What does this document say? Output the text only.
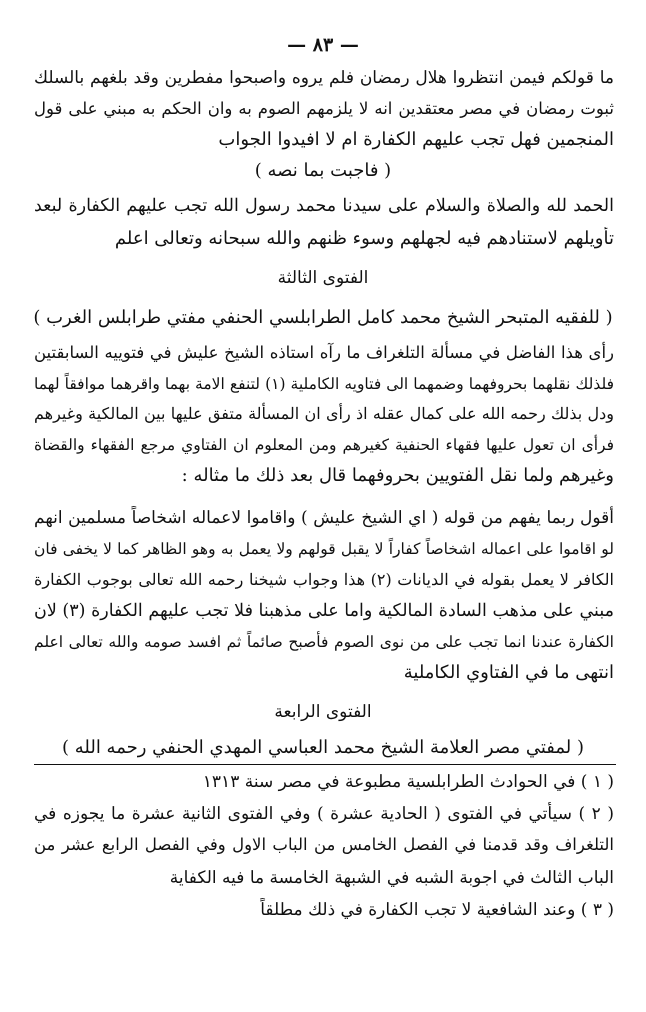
— ٨٣ —
ما قولكم فيمن انتظروا هلال رمضان فلم يروه واصبحوا مفطرين وقد بلغهم بالسلك
ثبوت رمضان في مصر معتقدين انه لا يلزمهم الصوم به وان الحكم به مبني على قول
المنجمين فهل تجب عليهم الكفارة ام لا افيدوا الجواب
( فاجبت بما نصه )
الحمد لله والصلاة والسلام على سيدنا محمد رسول الله تجب عليهم الكفارة لبعد
تأويلهم لاستنادهم فيه لجهلهم وسوء ظنهم والله سبحانه وتعالى اعلم
الفتوى الثالثة
( للفقيه المتبحر الشيخ محمد كامل الطرابلسي الحنفي مفتي طرابلس الغرب )
رأى هذا الفاضل في مسألة التلغراف ما رآه استاذه الشيخ عليش في فتوييه السابقتين
فلذلك نقلهما بحروفهما وضمهما الى فتاويه الكاملية (١) لتنفع الامة بهما واقرهما موافقاً لهما
ودل بذلك رحمه الله على كمال عقله اذ رأى ان المسألة متفق عليها بين المالكية وغيرهم
فرأى ان تعول عليها فقهاء الحنفية كغيرهم ومن المعلوم ان الفتاوي مرجع الفقهاء والقضاة
وغيرهم ولما نقل الفتويين بحروفهما قال بعد ذلك ما مثاله :
أقول ربما يفهم من قوله ( اي الشيخ عليش ) واقاموا لاعماله اشخاصاً مسلمين انهم
لو اقاموا على اعماله اشخاصاً كفاراً لا يقبل قولهم ولا يعمل به وهو الظاهر كما لا يخفى فان
الكافر لا يعمل بقوله في الديانات (٢) هذا وجواب شيخنا رحمه الله تعالى بوجوب الكفارة
مبني على مذهب السادة المالكية واما على مذهبنا فلا تجب عليهم الكفارة (٣) لان
الكفارة عندنا انما تجب على من نوى الصوم فأصبح صائماً ثم افسد صومه والله تعالى اعلم
انتهى ما في الفتاوي الكاملية
الفتوى الرابعة
( لمفتي مصر العلامة الشيخ محمد العباسي المهدي الحنفي رحمه الله )
( ١ ) في الحوادث الطرابلسية مطبوعة في مصر سنة ١٣١٣
( ٢ ) سيأتي في الفتوى ( الحادية عشرة ) وفي الفتوى الثانية عشرة ما يجوزه في
التلغراف وقد قدمنا في الفصل الخامس من الباب الاول وفي الفصل الرابع عشر من
الباب الثالث في اجوبة الشبه في الشبهة الخامسة ما فيه الكفاية
( ٣ ) وعند الشافعية لا تجب الكفارة في ذلك مطلقاً
